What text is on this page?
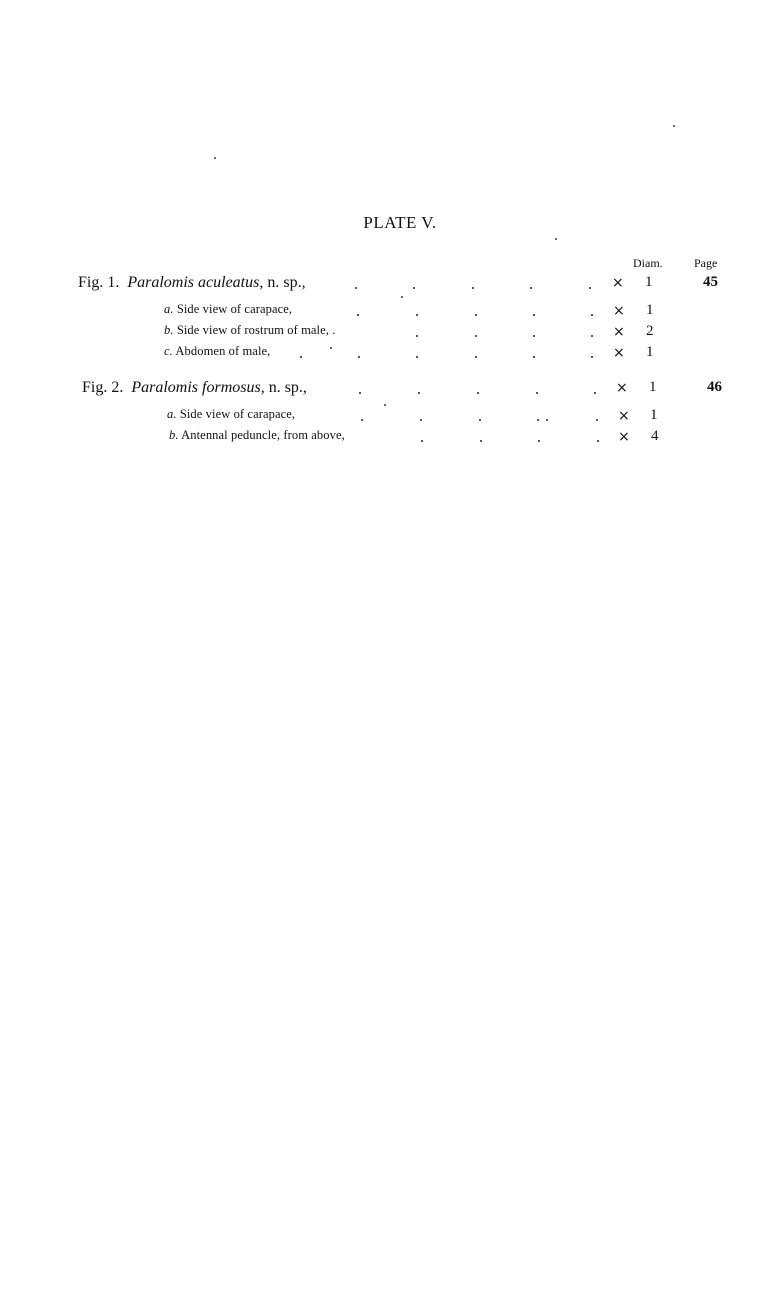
PLATE V.
Diam.	Page
Fig. 1. Paralomis aculeatus, n. sp.,	× 1	45
a. Side view of carapace,	× 1
b. Side view of rostrum of male, .	× 2
c. Abdomen of male,	× 1
Fig. 2. Paralomis formosus, n. sp.,	× 1	46
a. Side view of carapace,	× 1
b. Antennal peduncle, from above,	× 4
